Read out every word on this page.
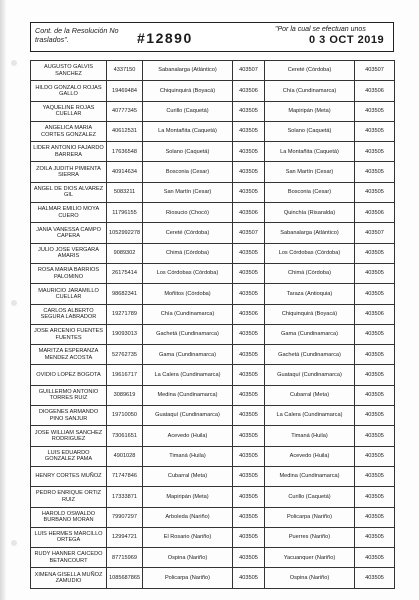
Cont. de la Resolución No
traslados".	#12890
"Por la cual se efectuan unos
0 3 OCT 2019
AUGUSTO GALVIS SANCHEZ	4337150	Sabanalarga (Atlántico)	403507	Cereté (Córdoba)	403507
HILDO GONZALO ROJAS GALLO	19469484	Chiquinquirá (Boyacá)	403506	Chía (Cundinamarca)	403506
YAQUELINE ROJAS CUELLAR	40777345	Curillo (Caquetá)	403505	Mapiripán (Meta)	403505
ANGELICA MARIA CORTES GONZALEZ	40612531	La Montañita (Caquetá)	403505	Solano (Caquetá)	403505
LIDER ANTONIO FAJARDO BARRERA	17636548	Solano (Caquetá)	403505	La Montañita (Caquetá)	403505
ZOILA JUDITH PIMIENTA SIERRA	40914634	Bosconia (Cesar)	403505	San Martín (Cesar)	403505
ANGEL DE DIOS ALVAREZ GIL	5083211	San Martín (Cesar)	403505	Bosconia (Cesar)	403505
HALMAR EMILIO MOYA CUERO	11796155	Riosucio (Chocó)	403506	Quinchía (Risaralda)	403506
JANIA VANESSA CAMPO CAPERA	1052992278	Cereté (Córdoba)	403507	Sabanalarga (Atlántico)	403507
JULIO JOSE VERGARA AMARIS	9089302	Chimá (Córdoba)	403505	Los Córdobas (Córdoba)	403505
ROSA MARIA BARRIOS PALOMINO	26175414	Los Córdobas (Córdoba)	403505	Chimá (Córdoba)	403505
MAURICIO JARAMILLO CUELLAR	98682341	Moñitos (Córdoba)	403505	Taraza (Antioquia)	403505
CARLOS ALBERTO SEGURA LABRADOR	19271789	Chía (Cundinamarca)	403506	Chiquinquirá (Boyacá)	403506
JOSE ARCENIO FUENTES FUENTES	19093013	Gachetá (Cundinamarca)	403505	Gama (Cundinamarca)	403505
MARITZA ESPERANZA MENDEZ ACOSTA	52762735	Gama (Cundinamarca)	403505	Gachetá (Cundinamarca)	403505
OVIDIO LOPEZ BOGOTA	19616717	La Calera (Cundinamarca)	403505	Guataquí (Cundinamarca)	403505
GUILLERMO ANTONIO TORRES RUIZ	3089619	Medina (Cundinamarca)	403505	Cubarral (Meta)	403505
DIOGENES ARMANDO PINO SANJUR	19710050	Guataquí (Cundinamarca)	403505	La Calera (Cundinamarca)	403505
JOSE WILLIAM SANCHEZ RODRIGUEZ	73061651	Acevedo (Huila)	403505	Timaná (Huila)	403505
LUIS EDUARDO GONZALEZ PAMA	4901028	Timaná (Huila)	403505	Acevedo (Huila)	403505
HENRY CORTES MUÑOZ	71747846	Cubarral (Meta)	403505	Medina (Cundinamarca)	403505
PEDRO ENRIQUE ORTIZ RUIZ	17333871	Mapiripán (Meta)	403505	Curillo (Caquetá)	403505
HAROLD OSWALDO BURBANO MORAN	79907297	Arboleda (Nariño)	403505	Policarpa (Nariño)	403505
LUIS HERMES MARCILLO ORTEGA	12994721	El Rosario (Nariño)	403505	Puerres (Nariño)	403505
RUDY HANNER CAICEDO BETANCOURT	87715969	Ospina (Nariño)	403505	Yacuanquer (Nariño)	403505
XIMENA GISELLA MUÑOZ ZAMUDIO	1085687865	Policarpa (Nariño)	403505	Ospina (Nariño)	403505
